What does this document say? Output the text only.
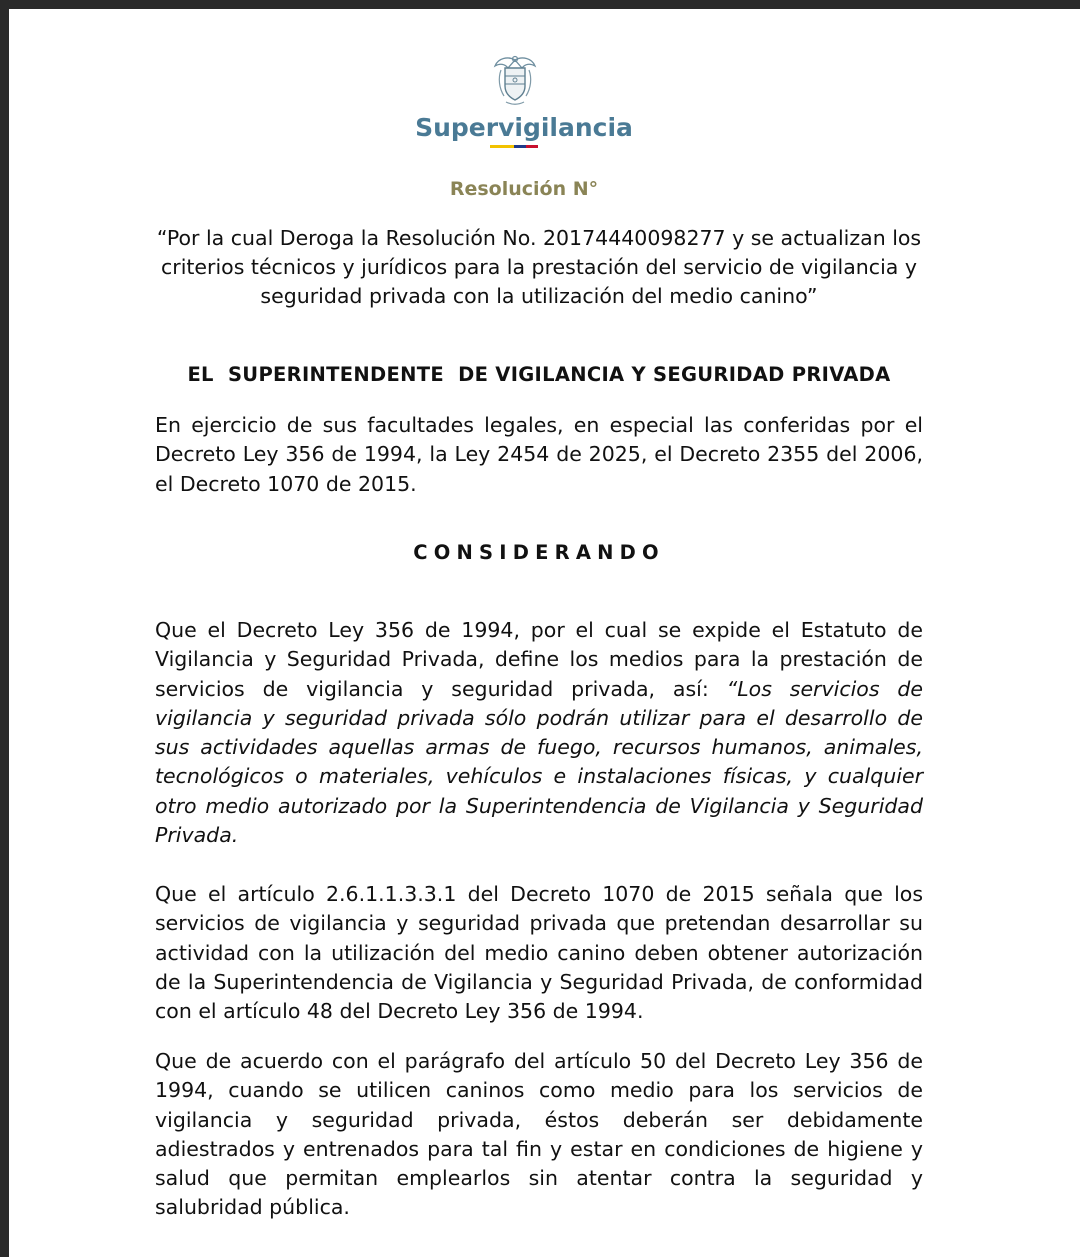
Supervigilancia
Resolución N°
“Por la cual Deroga la Resolución No. 20174440098277 y se actualizan los criterios técnicos y jurídicos para la prestación del servicio de vigilancia y seguridad privada con la utilización del medio canino”
EL  SUPERINTENDENTE  DE VIGILANCIA Y SEGURIDAD PRIVADA
En ejercicio de sus facultades legales, en especial las conferidas por el Decreto Ley 356 de 1994, la Ley 2454 de 2025, el Decreto 2355 del 2006, el Decreto 1070 de 2015.
CONSIDERANDO
Que el Decreto Ley 356 de 1994, por el cual se expide el Estatuto de Vigilancia y Seguridad Privada, define los medios para la prestación de servicios de vigilancia y seguridad privada, así: “Los servicios de vigilancia y seguridad privada sólo podrán utilizar para el desarrollo de sus actividades aquellas armas de fuego, recursos humanos, animales, tecnológicos o materiales, vehículos e instalaciones físicas, y cualquier otro medio autorizado por la Superintendencia de Vigilancia y Seguridad Privada.
Que el artículo 2.6.1.1.3.3.1 del Decreto 1070 de 2015 señala que los servicios de vigilancia y seguridad privada que pretendan desarrollar su actividad con la utilización del medio canino deben obtener autorización de la Superintendencia de Vigilancia y Seguridad Privada, de conformidad con el artículo 48 del Decreto Ley 356 de 1994.
Que de acuerdo con el parágrafo del artículo 50 del Decreto Ley 356 de 1994, cuando se utilicen caninos como medio para los servicios de vigilancia y seguridad privada, éstos deberán ser debidamente adiestrados y entrenados para tal fin y estar en condiciones de higiene y salud que permitan emplearlos sin atentar contra la seguridad y salubridad pública.
